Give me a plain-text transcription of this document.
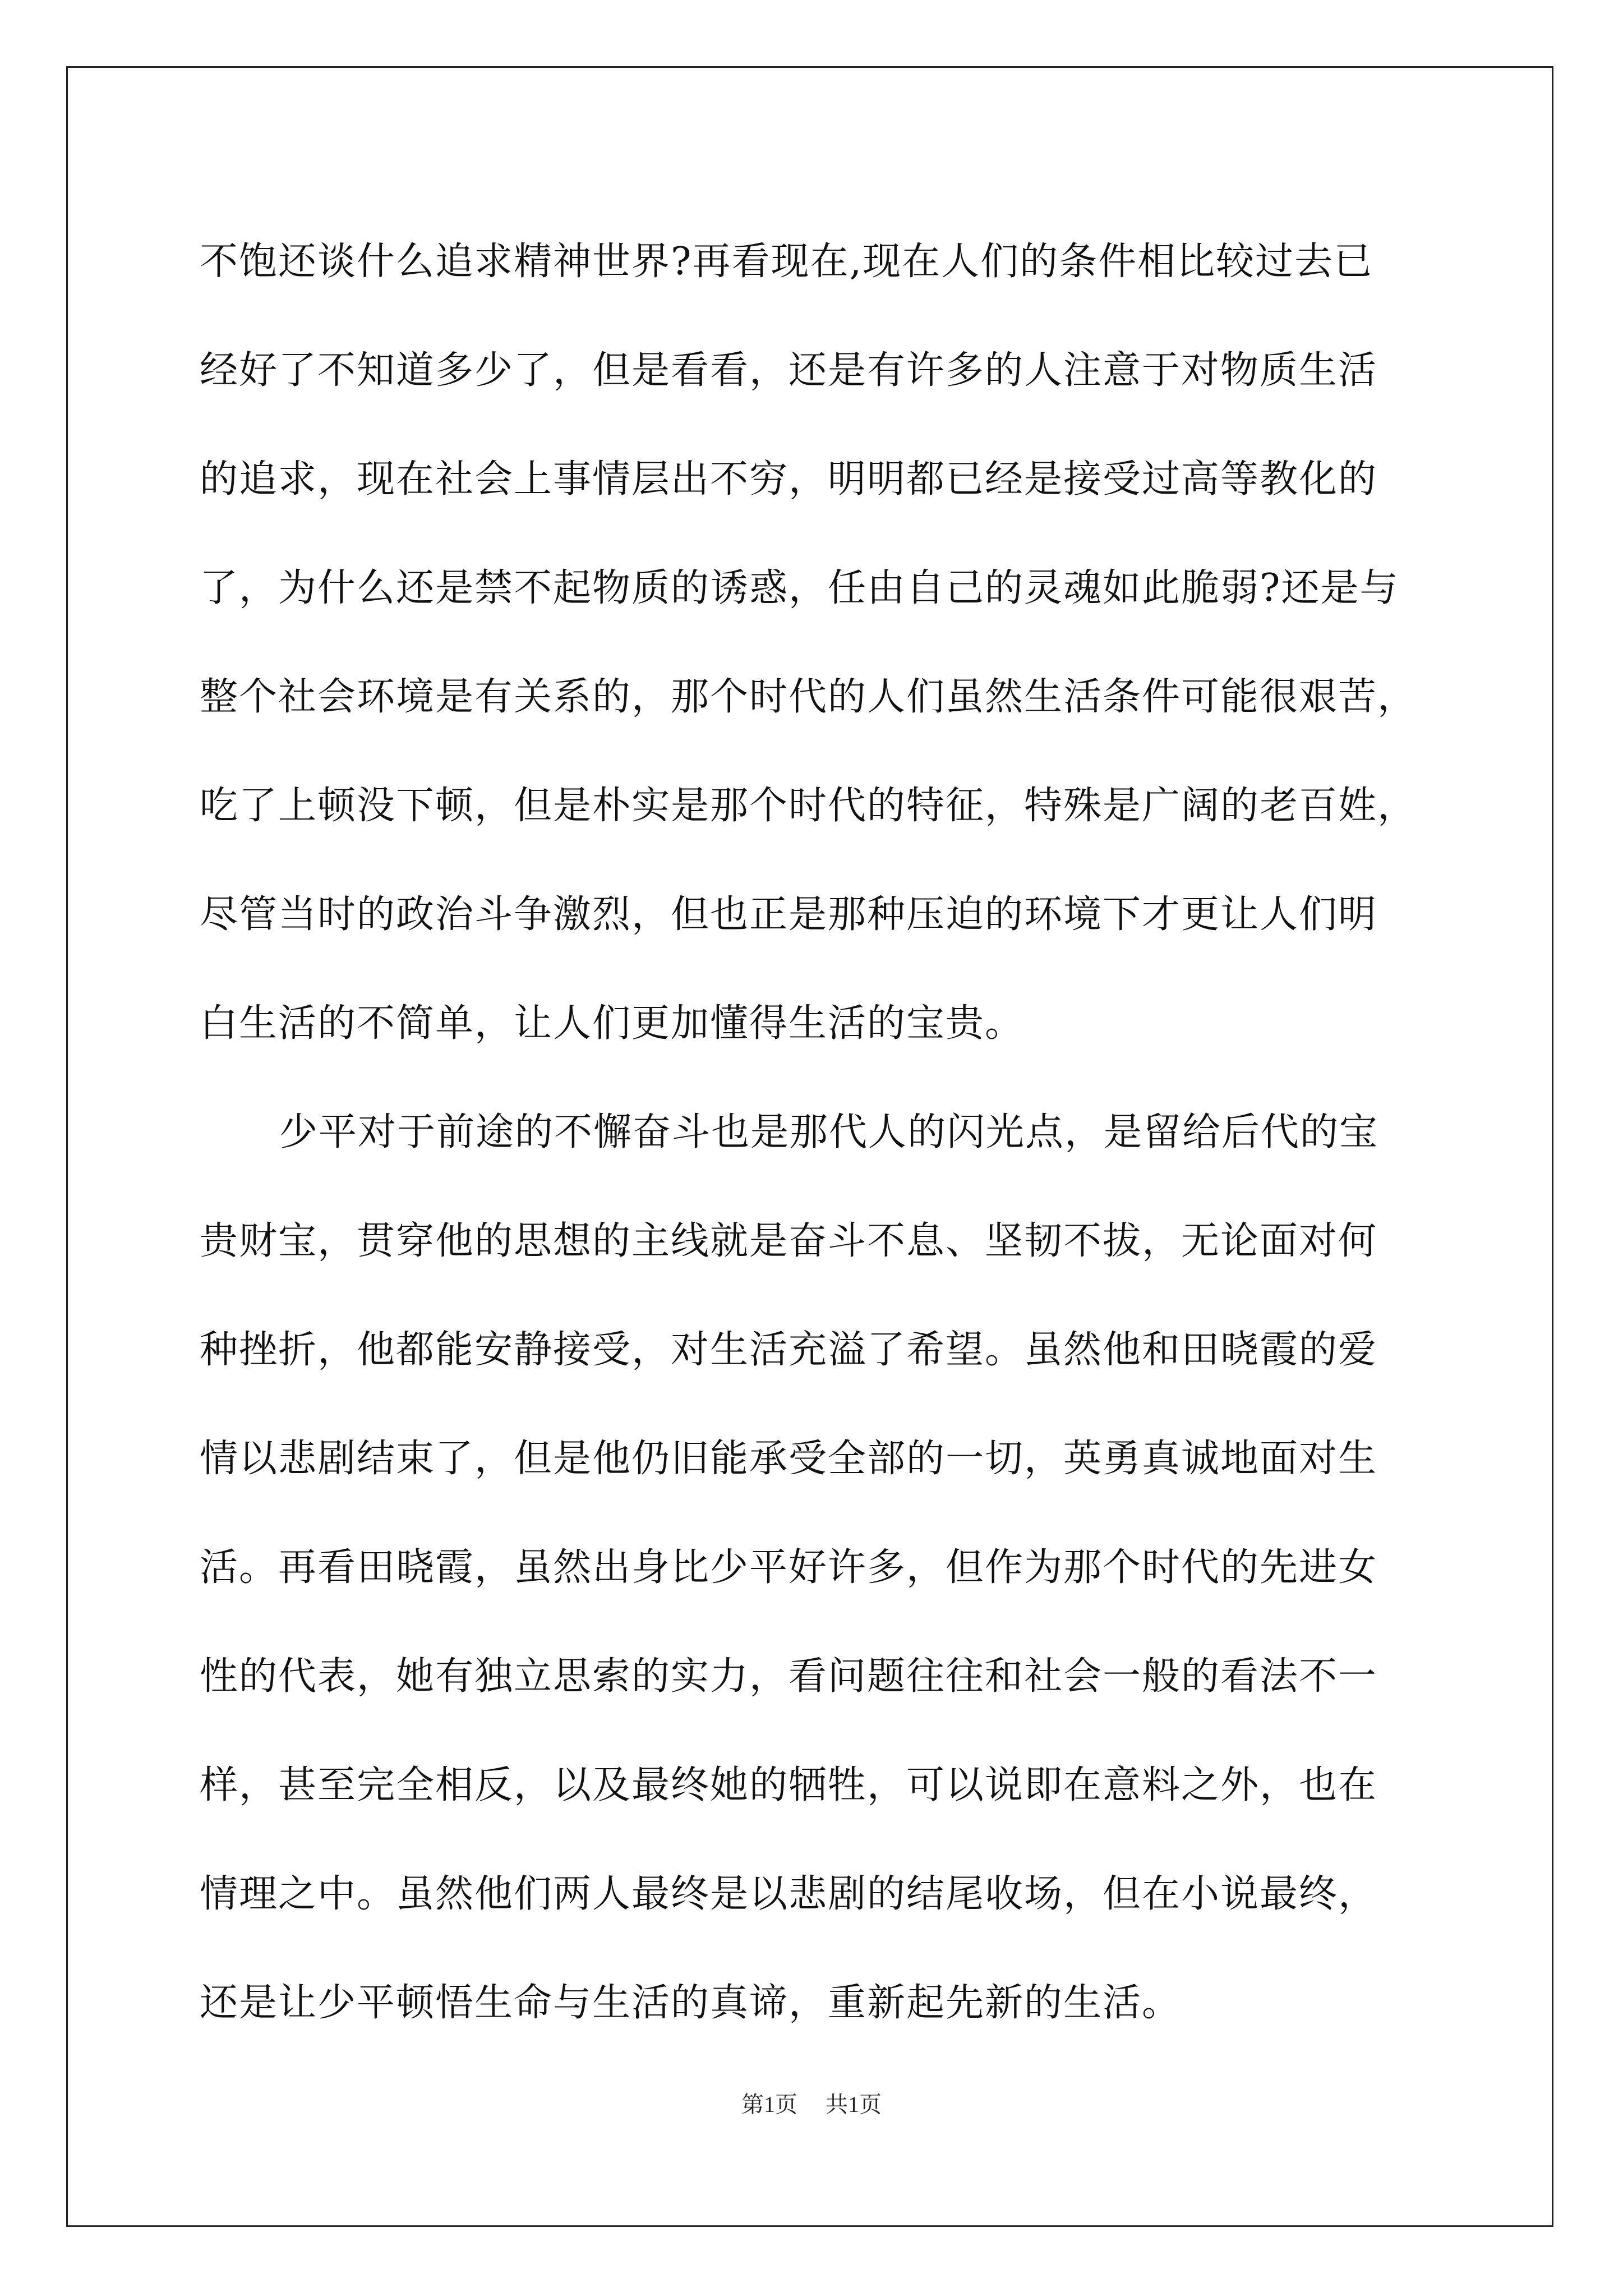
不饱还谈什么追求精神世界?再看现在,现在人们的条件相比较过去已
经好了不知道多少了，但是看看，还是有许多的人注意于对物质生活
的追求，现在社会上事情层出不穷，明明都已经是接受过高等教化的
了，为什么还是禁不起物质的诱惑，任由自己的灵魂如此脆弱?还是与
整个社会环境是有关系的，那个时代的人们虽然生活条件可能很艰苦，
吃了上顿没下顿，但是朴实是那个时代的特征，特殊是广阔的老百姓，
尽管当时的政治斗争激烈，但也正是那种压迫的环境下才更让人们明
白生活的不简单，让人们更加懂得生活的宝贵。
少平对于前途的不懈奋斗也是那代人的闪光点，是留给后代的宝
贵财宝，贯穿他的思想的主线就是奋斗不息、坚韧不拔，无论面对何
种挫折，他都能安静接受，对生活充溢了希望。虽然他和田晓霞的爱
情以悲剧结束了，但是他仍旧能承受全部的一切，英勇真诚地面对生
活。再看田晓霞，虽然出身比少平好许多，但作为那个时代的先进女
性的代表，她有独立思索的实力，看问题往往和社会一般的看法不一
样，甚至完全相反，以及最终她的牺牲，可以说即在意料之外，也在
情理之中。虽然他们两人最终是以悲剧的结尾收场，但在小说最终，
还是让少平顿悟生命与生活的真谛，重新起先新的生活。
第1页 共1页
